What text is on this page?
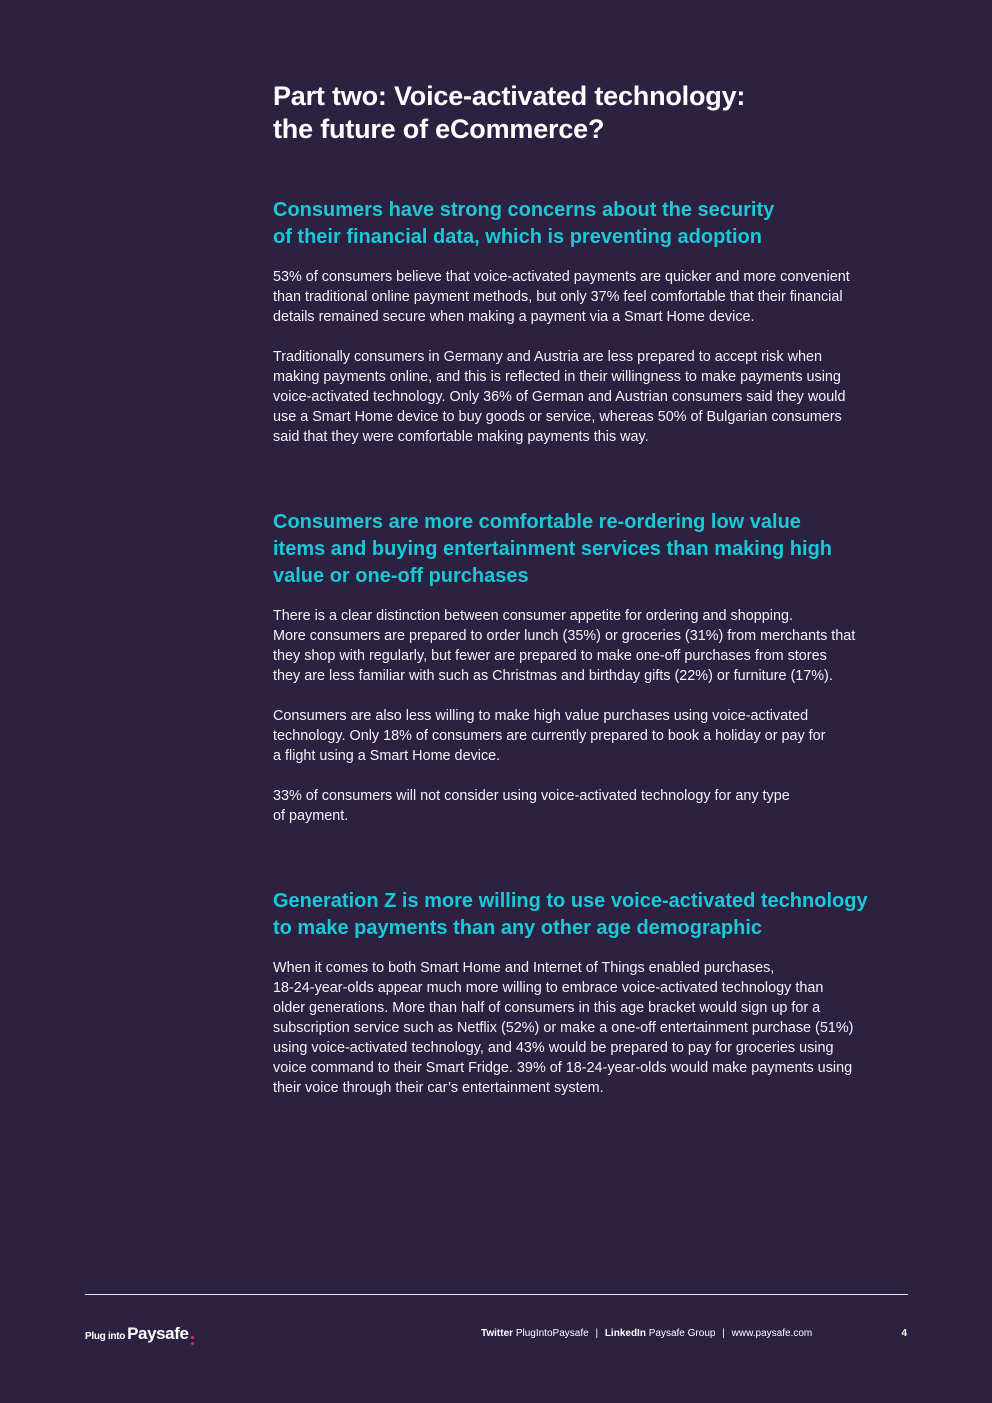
Part two: Voice-activated technology:
the future of eCommerce?
Consumers have strong concerns about the security
of their financial data, which is preventing adoption

53% of consumers believe that voice-activated payments are quicker and more convenient
than traditional online payment methods, but only 37% feel comfortable that their financial
details remained secure when making a payment via a Smart Home device.

Traditionally consumers in Germany and Austria are less prepared to accept risk when
making payments online, and this is reflected in their willingness to make payments using
voice-activated technology. Only 36% of German and Austrian consumers said they would
use a Smart Home device to buy goods or service, whereas 50% of Bulgarian consumers
said that they were comfortable making payments this way.

Consumers are more comfortable re-ordering low value
items and buying entertainment services than making high
value or one-off purchases

There is a clear distinction between consumer appetite for ordering and shopping.
More consumers are prepared to order lunch (35%) or groceries (31%) from merchants that
they shop with regularly, but fewer are prepared to make one-off purchases from stores
they are less familiar with such as Christmas and birthday gifts (22%) or furniture (17%).

Consumers are also less willing to make high value purchases using voice-activated
technology. Only 18% of consumers are currently prepared to book a holiday or pay for
a flight using a Smart Home device.

33% of consumers will not consider using voice-activated technology for any type
of payment.

Generation Z is more willing to use voice-activated technology
to make payments than any other age demographic

When it comes to both Smart Home and Internet of Things enabled purchases,
18-24-year-olds appear much more willing to embrace voice-activated technology than
older generations. More than half of consumers in this age bracket would sign up for a
subscription service such as Netflix (52%) or make a one-off entertainment purchase (51%)
using voice-activated technology, and 43% would be prepared to pay for groceries using
voice command to their Smart Fridge. 39% of 18-24-year-olds would make payments using
their voice through their car’s entertainment system.

Plug into Paysafe	Twitter PlugIntoPaysafe | LinkedIn Paysafe Group | www.paysafe.com	4
